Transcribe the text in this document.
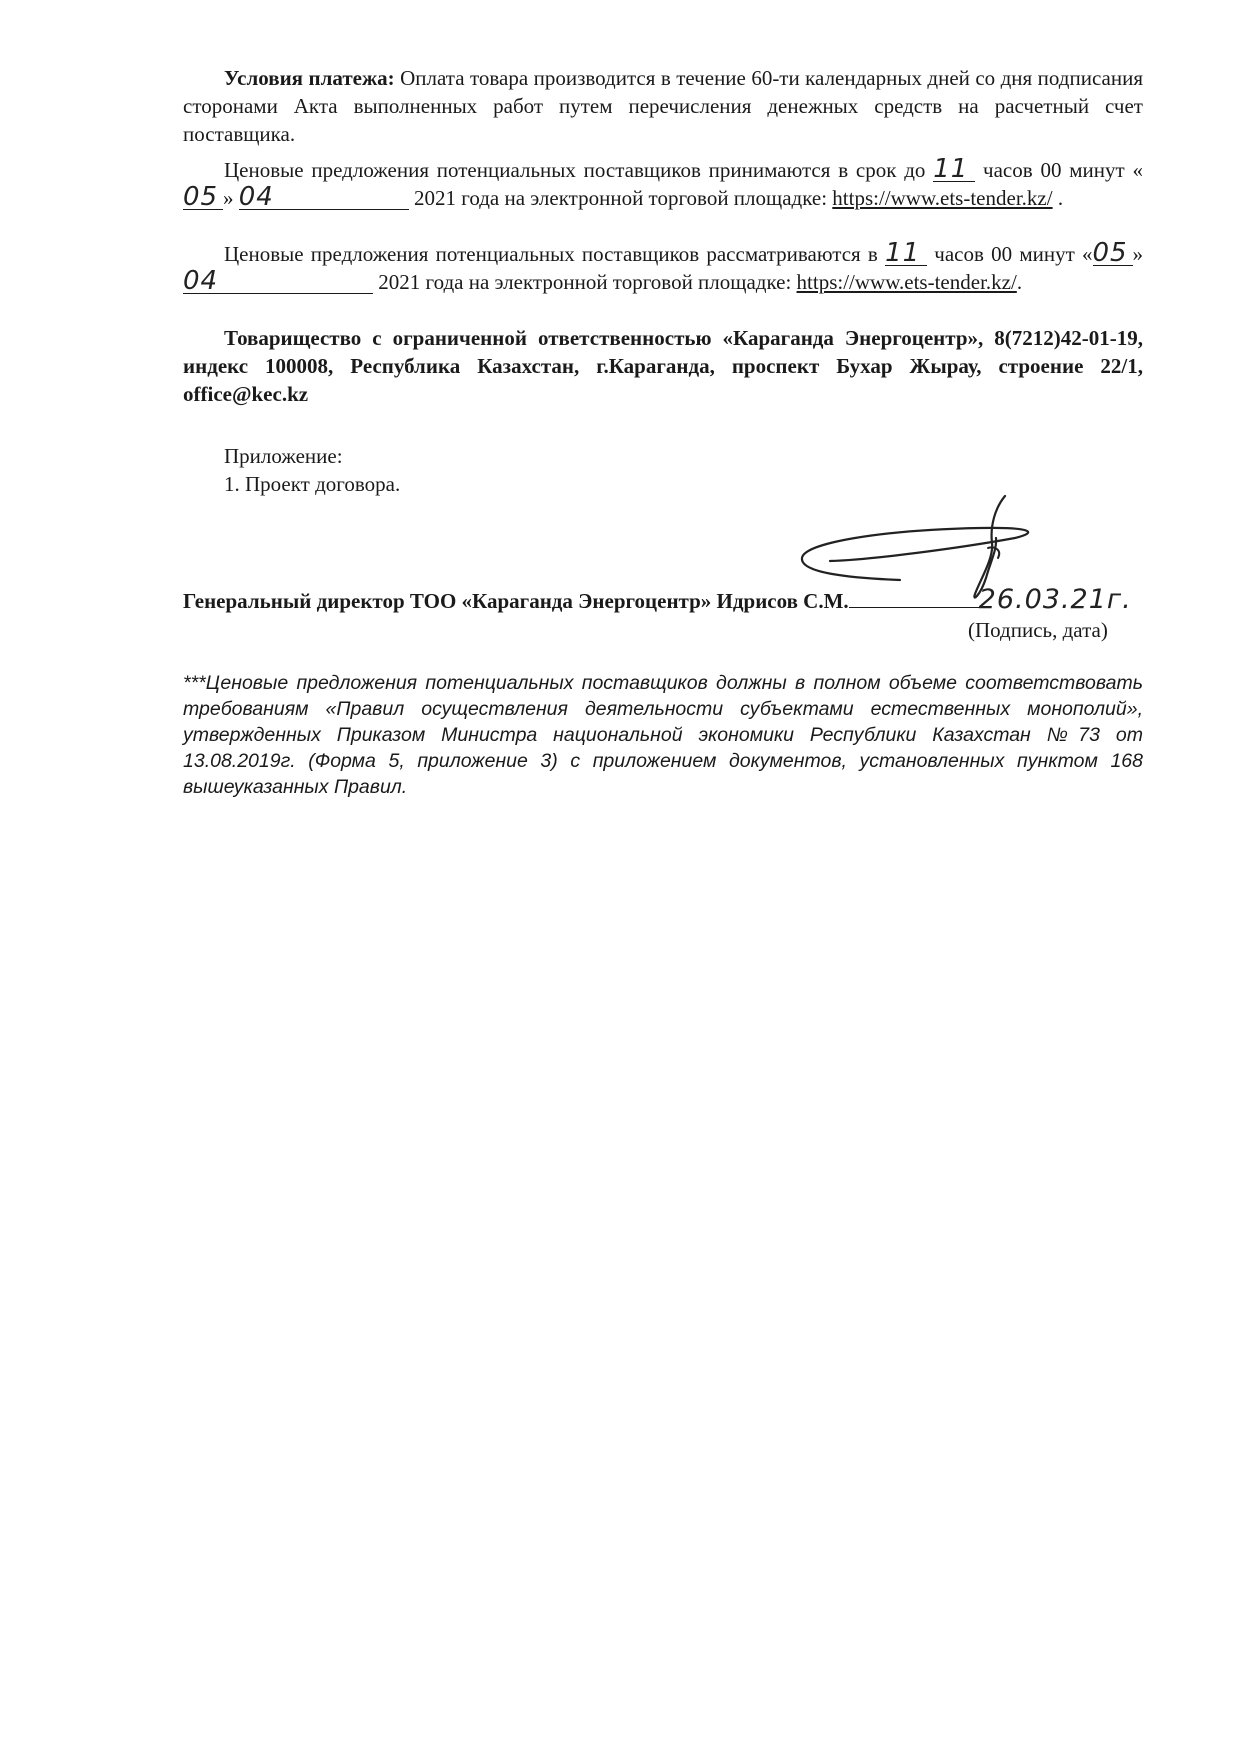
Условия платежа: Оплата товара производится в течение 60-ти календарных дней со дня подписания сторонами Акта выполненных работ путем перечисления денежных средств на расчетный счет поставщика.

Ценовые предложения потенциальных поставщиков принимаются в срок до 11 часов 00 минут «05 » 04	2021 года на электронной торговой площадке: https://www.ets-tender.kz/ .

Ценовые предложения потенциальных поставщиков рассматриваются в 11 часов 00 минут «05 » 04	2021 года на электронной торговой площадке: https://www.ets-tender.kz/.

Товарищество с ограниченной ответственностью «Караганда Энергоцентр», 8(7212)42-01-19, индекс 100008, Республика Казахстан, г.Караганда, проспект Бухар Жырау, строение 22/1, office@kec.kz

Приложение:

1. Проект договора.

Генеральный директор ТОО «Караганда Энергоцентр» Идрисов С.М.	26.03.21г.
(Подпись, дата)

***Ценовые предложения потенциальных поставщиков должны в полном объеме соответствовать требованиям «Правил осуществления деятельности субъектами естественных монополий», утвержденных Приказом Министра национальной экономики Республики Казахстан №73 от 13.08.2019г. (Форма 5, приложение 3) с приложением документов, установленных пунктом 168 вышеуказанных Правил.
